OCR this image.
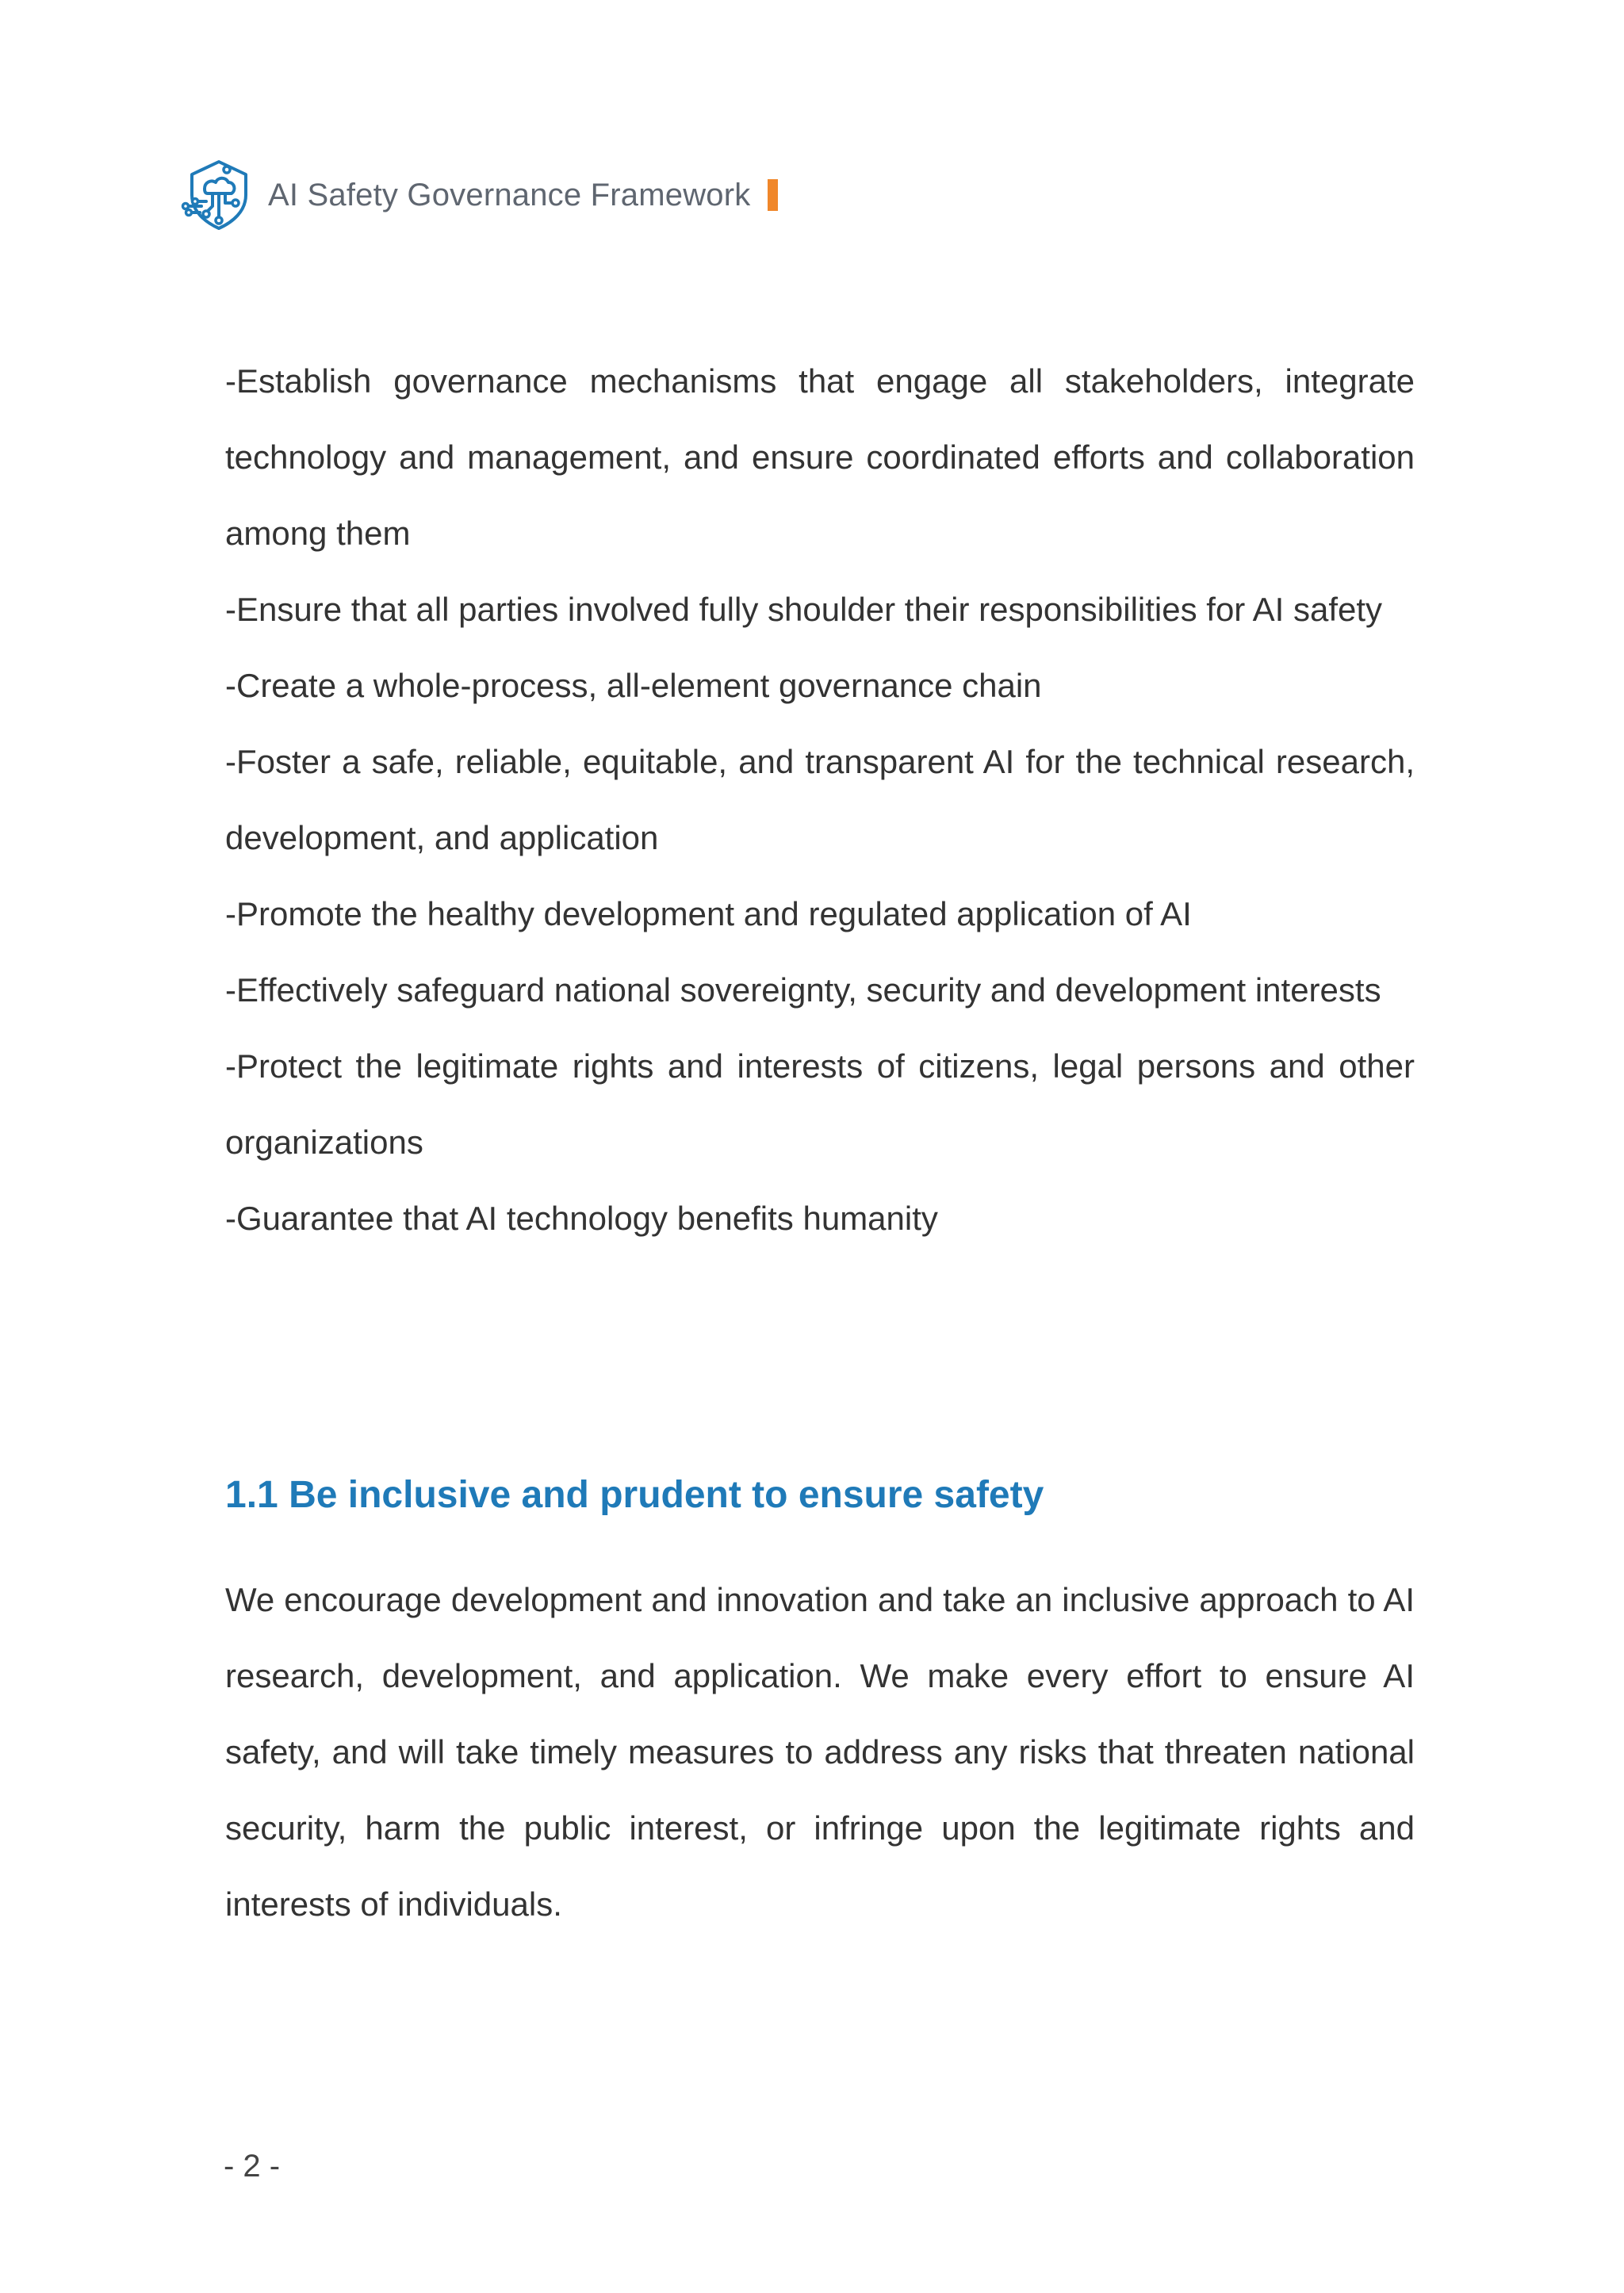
AI Safety Governance Framework

-Establish governance mechanisms that engage all stakeholders, integrate technology and management, and ensure coordinated efforts and collaboration among them

-Ensure that all parties involved fully shoulder their responsibilities for AI safety

-Create a whole-process, all-element governance chain

-Foster a safe, reliable, equitable, and transparent AI for the technical research, development, and application

-Promote the healthy development and regulated application of AI

-Effectively safeguard national sovereignty, security and development interests

-Protect the legitimate rights and interests of citizens, legal persons and other organizations

-Guarantee that AI technology benefits humanity

1.1 Be inclusive and prudent to ensure safety

We encourage development and innovation and take an inclusive approach to AI research, development, and application. We make every effort to ensure AI safety, and will take timely measures to address any risks that threaten national security, harm the public interest, or infringe upon the legitimate rights and interests of individuals.

- 2 -
